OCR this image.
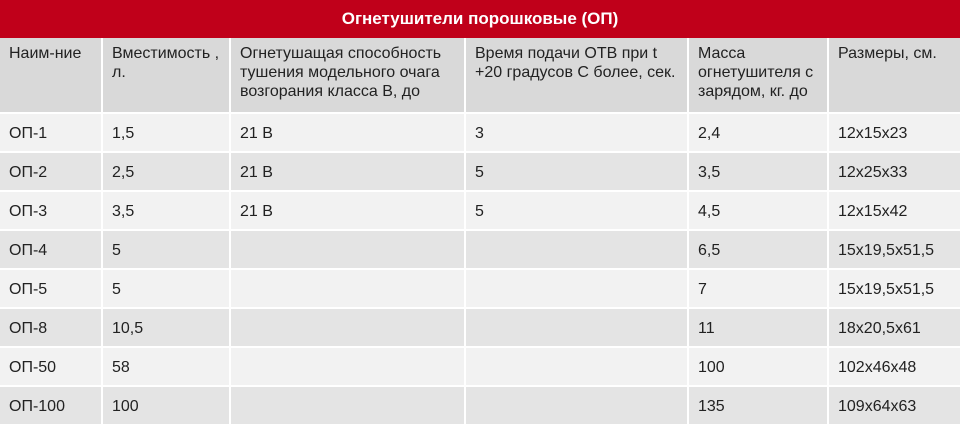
Огнетушители порошковые (ОП)
Наим-ние	Вместимость , л.	Огнетушащая способность тушения модельного очага возгорания класса В, до	Время подачи ОТВ при t +20 градусов С более, сек.	Масса огнетушителя с зарядом, кг. до	Размеры, см.
ОП-1	1,5	21 В	3	2,4	12x15x23
ОП-2	2,5	21 В	5	3,5	12x25x33
ОП-3	3,5	21 В	5	4,5	12x15x42
ОП-4	5			6,5	15x19,5x51,5
ОП-5	5			7	15x19,5x51,5
ОП-8	10,5			11	18x20,5x61
ОП-50	58			100	102x46x48
ОП-100	100			135	109x64x63
